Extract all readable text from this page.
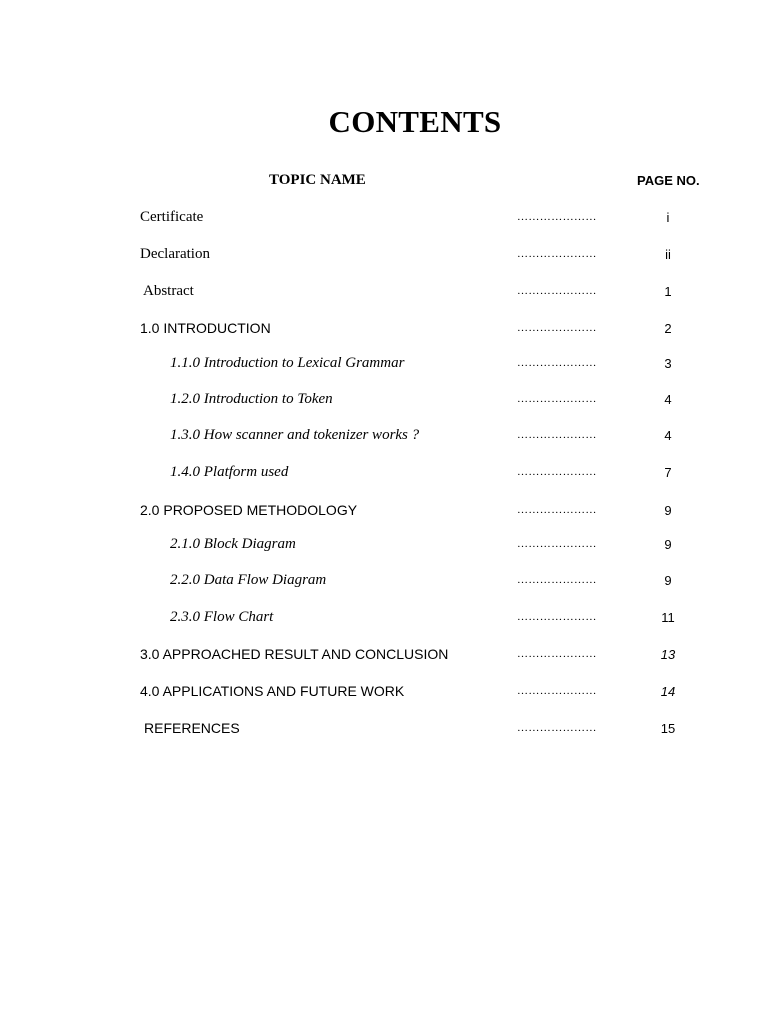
CONTENTS
TOPIC NAME	PAGE NO.
Certificate	…………………	i
Declaration	…………………	ii
Abstract	…………………	1
1.0 INTRODUCTION	…………………	2
1.1.0 Introduction to Lexical Grammar	…………………	3
1.2.0 Introduction to Token	…………………	4
1.3.0 How scanner and tokenizer works ?	…………………	4
1.4.0 Platform used	…………………	7
2.0 PROPOSED METHODOLOGY	…………………	9
2.1.0 Block Diagram	…………………	9
2.2.0 Data Flow Diagram	…………………	9
2.3.0 Flow Chart	…………………	11
3.0 APPROACHED RESULT AND CONCLUSION	…………………	13
4.0 APPLICATIONS AND FUTURE WORK	…………………	14
REFERENCES	…………………	15
